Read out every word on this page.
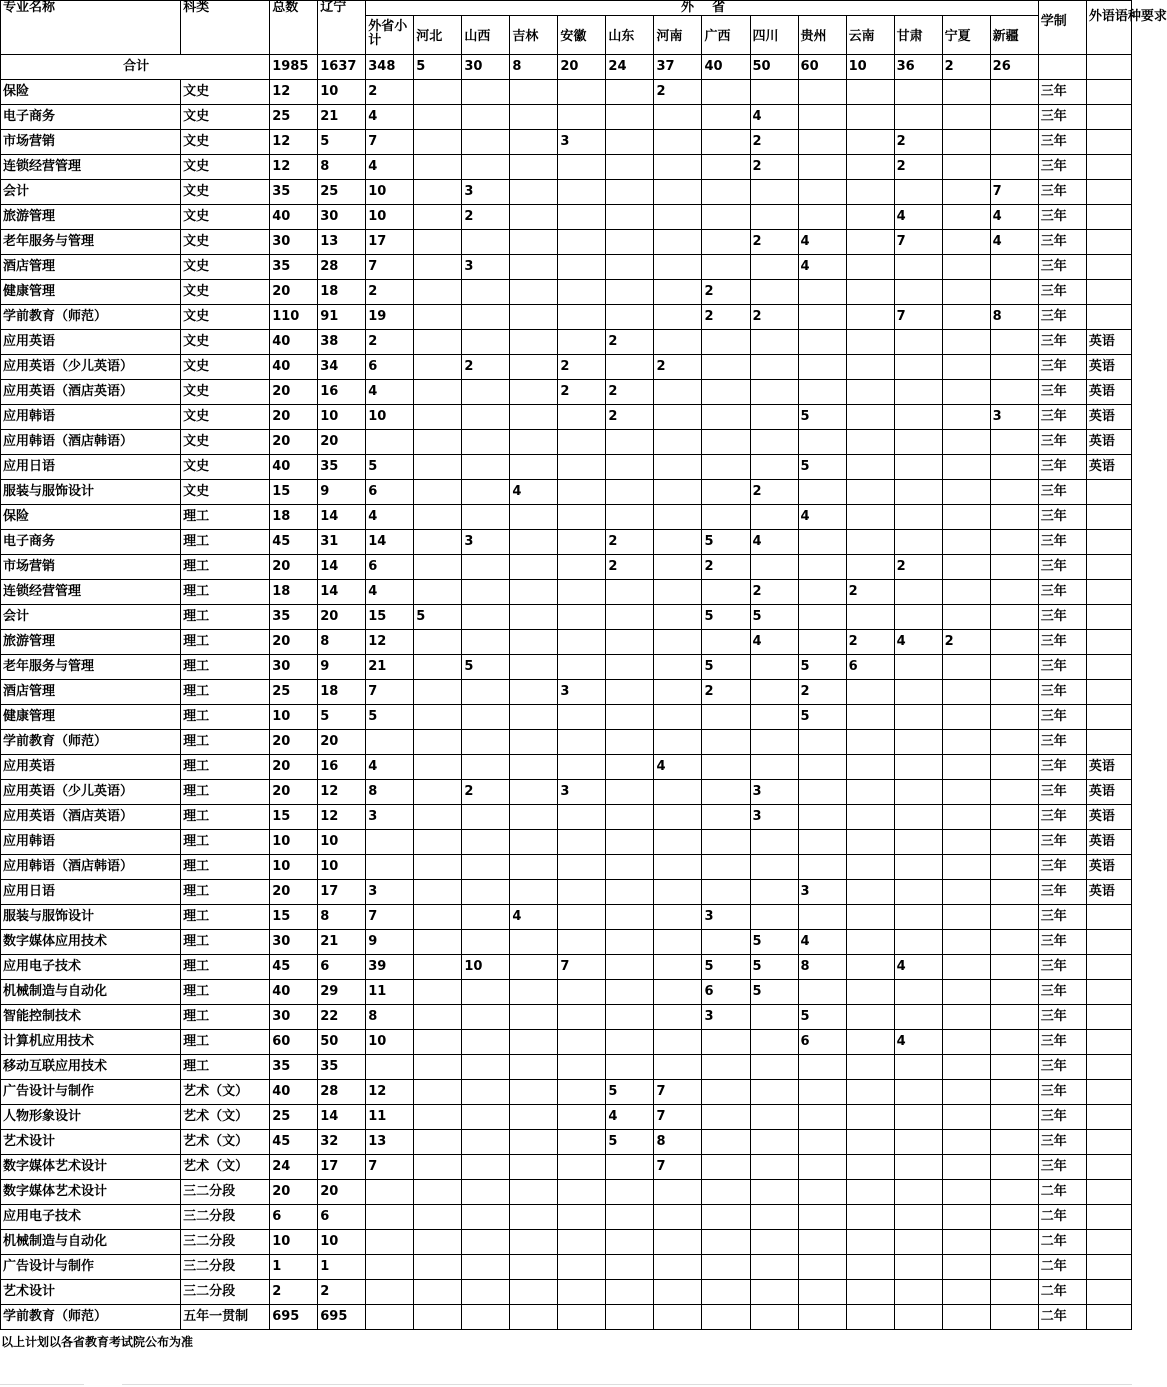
专业名称	科类	总数	辽宁	外    省														学制	外语语种要求
				外省小计	河北	山西	吉林	安徽	山东	河南	广西	四川	贵州	云南	甘肃	宁夏	新疆		
合计		1985	1637	348	5	30	8	20	24	37	40	50	60	10	36	2	26		
保险	文史	12	10	2						2								三年	
电子商务	文史	25	21	4								4						三年	
市场营销	文史	12	5	7				3				2			2			三年	
连锁经营管理	文史	12	8	4								2			2			三年	
会计	文史	35	25	10		3											7	三年	
旅游管理	文史	40	30	10		2									4		4	三年	
老年服务与管理	文史	30	13	17								2	4		7		4	三年	
酒店管理	文史	35	28	7		3							4					三年	
健康管理	文史	20	18	2							2							三年	
学前教育（师范）	文史	110	91	19							2	2			7		8	三年	
应用英语	文史	40	38	2					2									三年	英语
应用英语（少儿英语）	文史	40	34	6		2		2		2								三年	英语
应用英语（酒店英语）	文史	20	16	4				2	2									三年	英语
应用韩语	文史	20	10	10					2				5				3	三年	英语
应用韩语（酒店韩语）	文史	20	20															三年	英语
应用日语	文史	40	35	5									5					三年	英语
服装与服饰设计	文史	15	9	6			4					2						三年	
保险	理工	18	14	4									4					三年	
电子商务	理工	45	31	14		3			2		5	4						三年	
市场营销	理工	20	14	6					2		2				2			三年	
连锁经营管理	理工	18	14	4								2		2				三年	
会计	理工	35	20	15	5						5	5						三年	
旅游管理	理工	20	8	12								4		2	4	2		三年	
老年服务与管理	理工	30	9	21		5					5		5	6				三年	
酒店管理	理工	25	18	7				3			2		2					三年	
健康管理	理工	10	5	5									5					三年	
学前教育（师范）	理工	20	20															三年	
应用英语	理工	20	16	4						4								三年	英语
应用英语（少儿英语）	理工	20	12	8		2		3				3						三年	英语
应用英语（酒店英语）	理工	15	12	3								3						三年	英语
应用韩语	理工	10	10															三年	英语
应用韩语（酒店韩语）	理工	10	10															三年	英语
应用日语	理工	20	17	3									3					三年	英语
服装与服饰设计	理工	15	8	7			4				3							三年	
数字媒体应用技术	理工	30	21	9								5	4					三年	
应用电子技术	理工	45	6	39		10		7			5	5	8		4			三年	
机械制造与自动化	理工	40	29	11							6	5						三年	
智能控制技术	理工	30	22	8							3		5					三年	
计算机应用技术	理工	60	50	10									6		4			三年	
移动互联应用技术	理工	35	35															三年	
广告设计与制作	艺术（文）	40	28	12					5	7								三年	
人物形象设计	艺术（文）	25	14	11					4	7								三年	
艺术设计	艺术（文）	45	32	13					5	8								三年	
数字媒体艺术设计	艺术（文）	24	17	7						7								三年	
数字媒体艺术设计	三二分段	20	20															二年	
应用电子技术	三二分段	6	6															二年	
机械制造与自动化	三二分段	10	10															二年	
广告设计与制作	三二分段	1	1															二年	
艺术设计	三二分段	2	2															二年	
学前教育（师范）	五年一贯制	695	695															二年	
以上计划以各省教育考试院公布为准
